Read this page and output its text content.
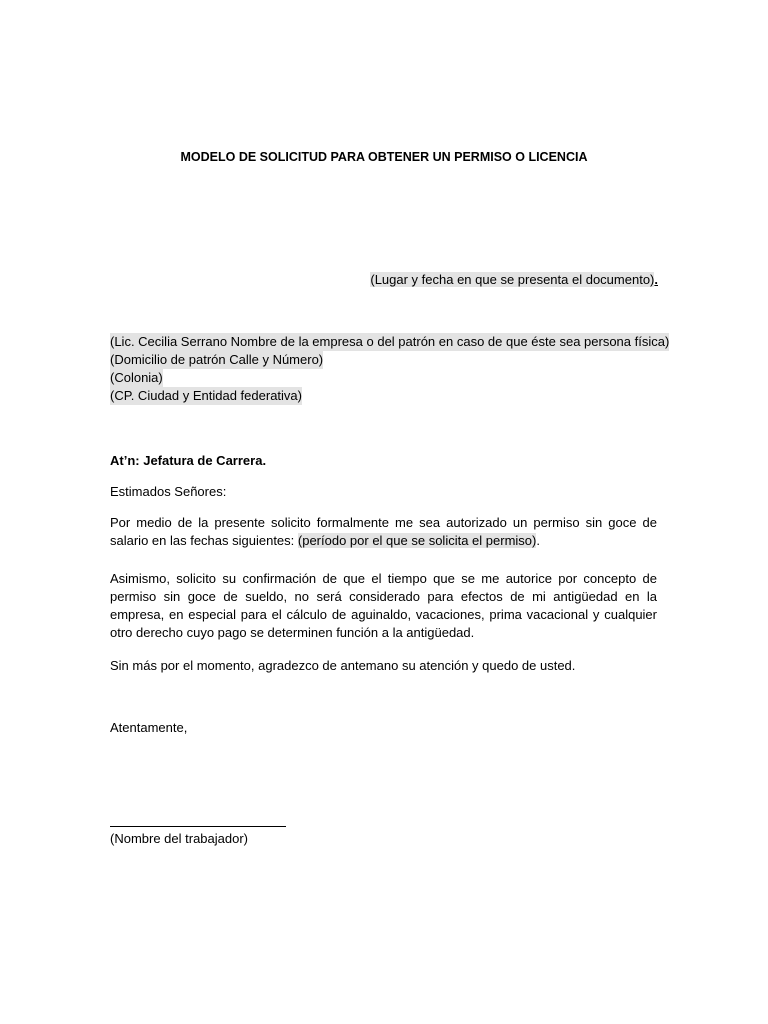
MODELO DE SOLICITUD PARA OBTENER UN PERMISO O LICENCIA
(Lugar y fecha en que se presenta el documento).
(Lic. Cecilia Serrano Nombre de la empresa o del patrón en caso de que éste sea persona física)
(Domicilio de patrón Calle y Número)
(Colonia)
(CP. Ciudad y Entidad federativa)
At’n: Jefatura de Carrera.
Estimados Señores:
Por medio de la presente solicito formalmente me sea autorizado un permiso sin goce de salario en las fechas siguientes: (período por el que se solicita el permiso).
Asimismo, solicito su confirmación de que el tiempo que se me autorice por concepto de permiso sin goce de sueldo, no será considerado para efectos de mi antigüedad en la empresa, en especial para el cálculo de aguinaldo, vacaciones, prima vacacional y cualquier otro derecho cuyo pago se determinen función a la antigüedad.
Sin más por el momento, agradezco de antemano su atención y quedo de usted.
Atentamente,
(Nombre del trabajador)
